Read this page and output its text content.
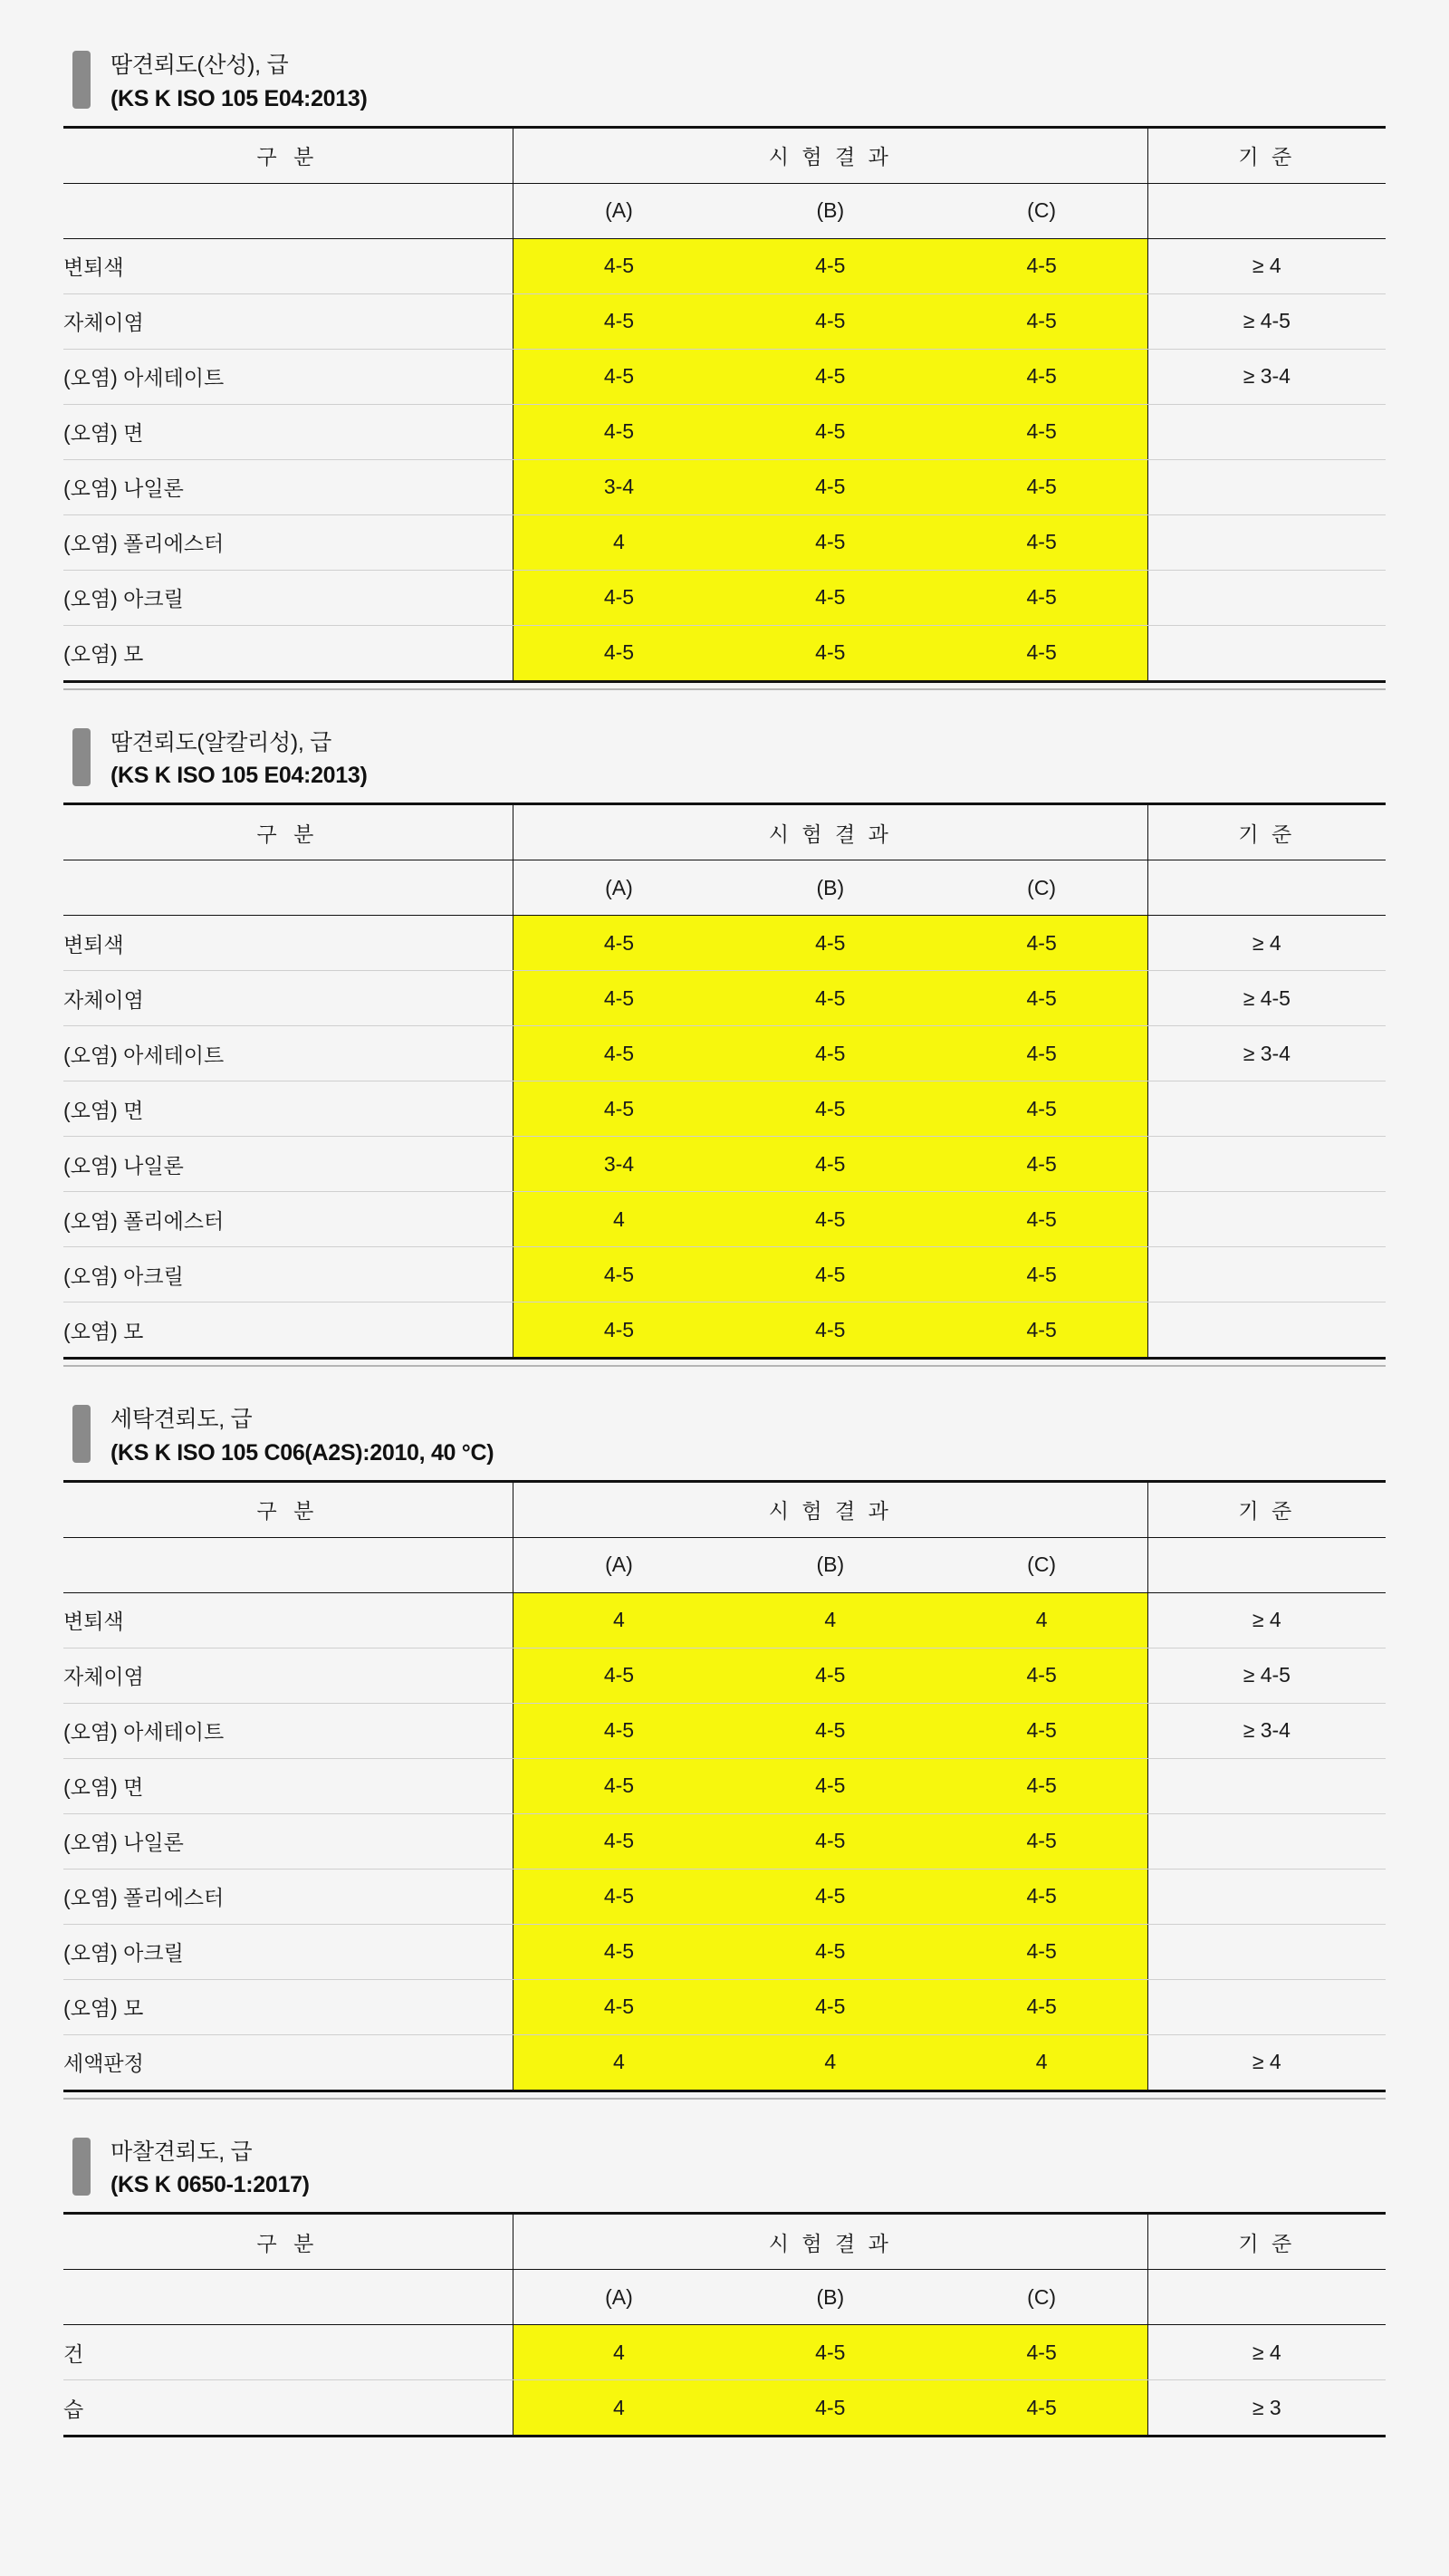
땀견뢰도(산성), 급
(KS K ISO 105 E04:2013)
구 분	시 험 결 과			기 준
	(A)	(B)	(C)	
변퇴색	4-5	4-5	4-5	≥ 4
자체이염	4-5	4-5	4-5	≥ 4-5
(오염) 아세테이트	4-5	4-5	4-5	≥ 3-4
(오염) 면	4-5	4-5	4-5	
(오염) 나일론	3-4	4-5	4-5	
(오염) 폴리에스터	4	4-5	4-5	
(오염) 아크릴	4-5	4-5	4-5	
(오염) 모	4-5	4-5	4-5	
땀견뢰도(알칼리성), 급
(KS K ISO 105 E04:2013)
구 분	시 험 결 과			기 준
	(A)	(B)	(C)	
변퇴색	4-5	4-5	4-5	≥ 4
자체이염	4-5	4-5	4-5	≥ 4-5
(오염) 아세테이트	4-5	4-5	4-5	≥ 3-4
(오염) 면	4-5	4-5	4-5	
(오염) 나일론	3-4	4-5	4-5	
(오염) 폴리에스터	4	4-5	4-5	
(오염) 아크릴	4-5	4-5	4-5	
(오염) 모	4-5	4-5	4-5	
세탁견뢰도, 급
(KS K ISO 105 C06(A2S):2010, 40 °C)
구 분	시 험 결 과			기 준
	(A)	(B)	(C)	
변퇴색	4	4	4	≥ 4
자체이염	4-5	4-5	4-5	≥ 4-5
(오염) 아세테이트	4-5	4-5	4-5	≥ 3-4
(오염) 면	4-5	4-5	4-5	
(오염) 나일론	4-5	4-5	4-5	
(오염) 폴리에스터	4-5	4-5	4-5	
(오염) 아크릴	4-5	4-5	4-5	
(오염) 모	4-5	4-5	4-5	
세액판정	4	4	4	≥ 4
마찰견뢰도, 급
(KS K 0650-1:2017)
구 분	시 험 결 과			기 준
	(A)	(B)	(C)	
건	4	4-5	4-5	≥ 4
습	4	4-5	4-5	≥ 3
